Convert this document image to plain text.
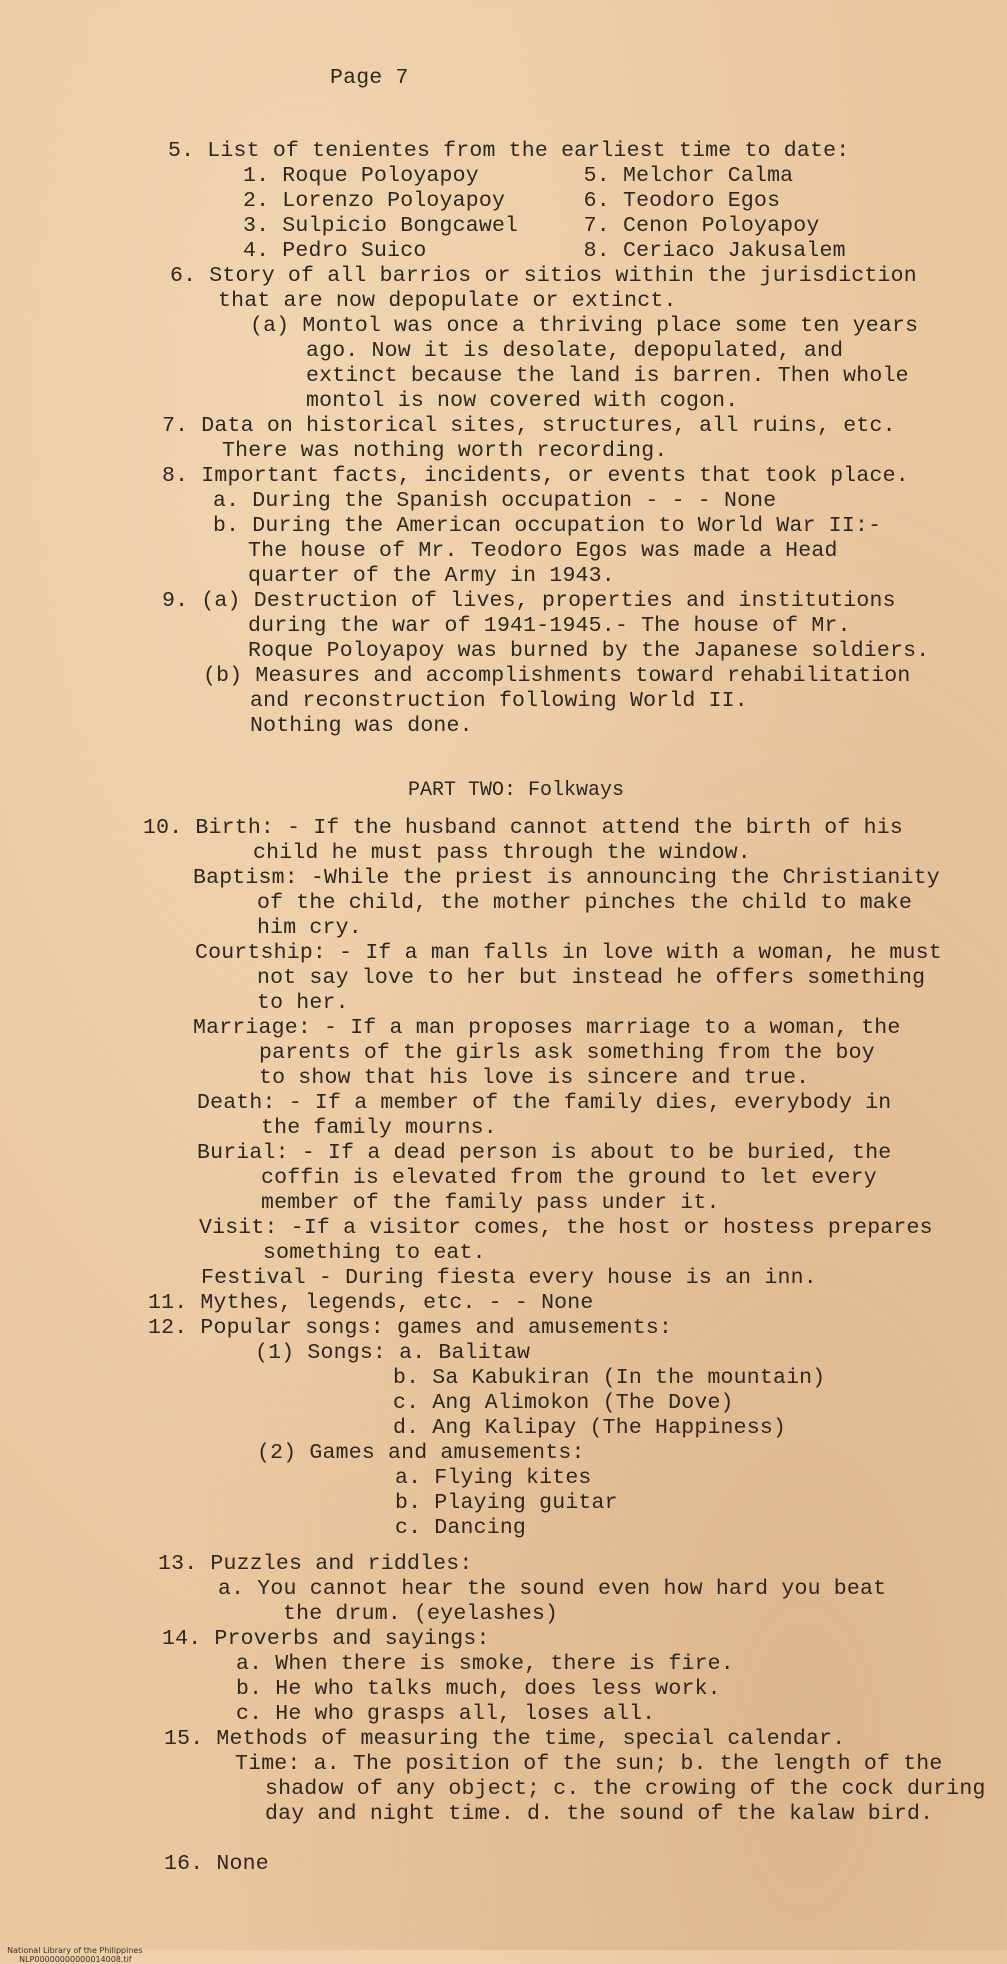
Page 7
5. List of tenientes from the earliest time to date:
1. Roque Poloyapoy        5. Melchor Calma
2. Lorenzo Poloyapoy      6. Teodoro Egos
3. Sulpicio Bongcawel     7. Cenon Poloyapoy
4. Pedro Suico            8. Ceriaco Jakusalem
6. Story of all barrios or sitios within the jurisdiction
that are now depopulate or extinct.
(a) Montol was once a thriving place some ten years
ago. Now it is desolate, depopulated, and
extinct because the land is barren. Then whole
montol is now covered with cogon.
7. Data on historical sites, structures, all ruins, etc.
There was nothing worth recording.
8. Important facts, incidents, or events that took place.
a. During the Spanish occupation - - - None
b. During the American occupation to World War II:-
The house of Mr. Teodoro Egos was made a Head
quarter of the Army in 1943.
9. (a) Destruction of lives, properties and institutions
during the war of 1941-1945.- The house of Mr.
Roque Poloyapoy was burned by the Japanese soldiers.
(b) Measures and accomplishments toward rehabilitation
and reconstruction following World II.
Nothing was done.
10. Birth: - If the husband cannot attend the birth of his
child he must pass through the window.
Baptism: -While the priest is announcing the Christianity
of the child, the mother pinches the child to make
him cry.
Courtship: - If a man falls in love with a woman, he must
not say love to her but instead he offers something
to her.
Marriage: - If a man proposes marriage to a woman, the
parents of the girls ask something from the boy
to show that his love is sincere and true.
Death: - If a member of the family dies, everybody in
the family mourns.
Burial: - If a dead person is about to be buried, the
coffin is elevated from the ground to let every
member of the family pass under it.
Visit: -If a visitor comes, the host or hostess prepares
something to eat.
Festival - During fiesta every house is an inn.
11. Mythes, legends, etc. - - None
12. Popular songs: games and amusements:
(1) Songs: a. Balitaw
b. Sa Kabukiran (In the mountain)
c. Ang Alimokon (The Dove)
d. Ang Kalipay (The Happiness)
(2) Games and amusements:
a. Flying kites
b. Playing guitar
c. Dancing
13. Puzzles and riddles:
a. You cannot hear the sound even how hard you beat
the drum. (eyelashes)
14. Proverbs and sayings:
a. When there is smoke, there is fire.
b. He who talks much, does less work.
c. He who grasps all, loses all.
15. Methods of measuring the time, special calendar.
Time: a. The position of the sun; b. the length of the
shadow of any object; c. the crowing of the cock during
day and night time. d. the sound of the kalaw bird.
16. None
PART TWO: Folkways

National Library of the Philippines
NLP00000000000014008.tif
